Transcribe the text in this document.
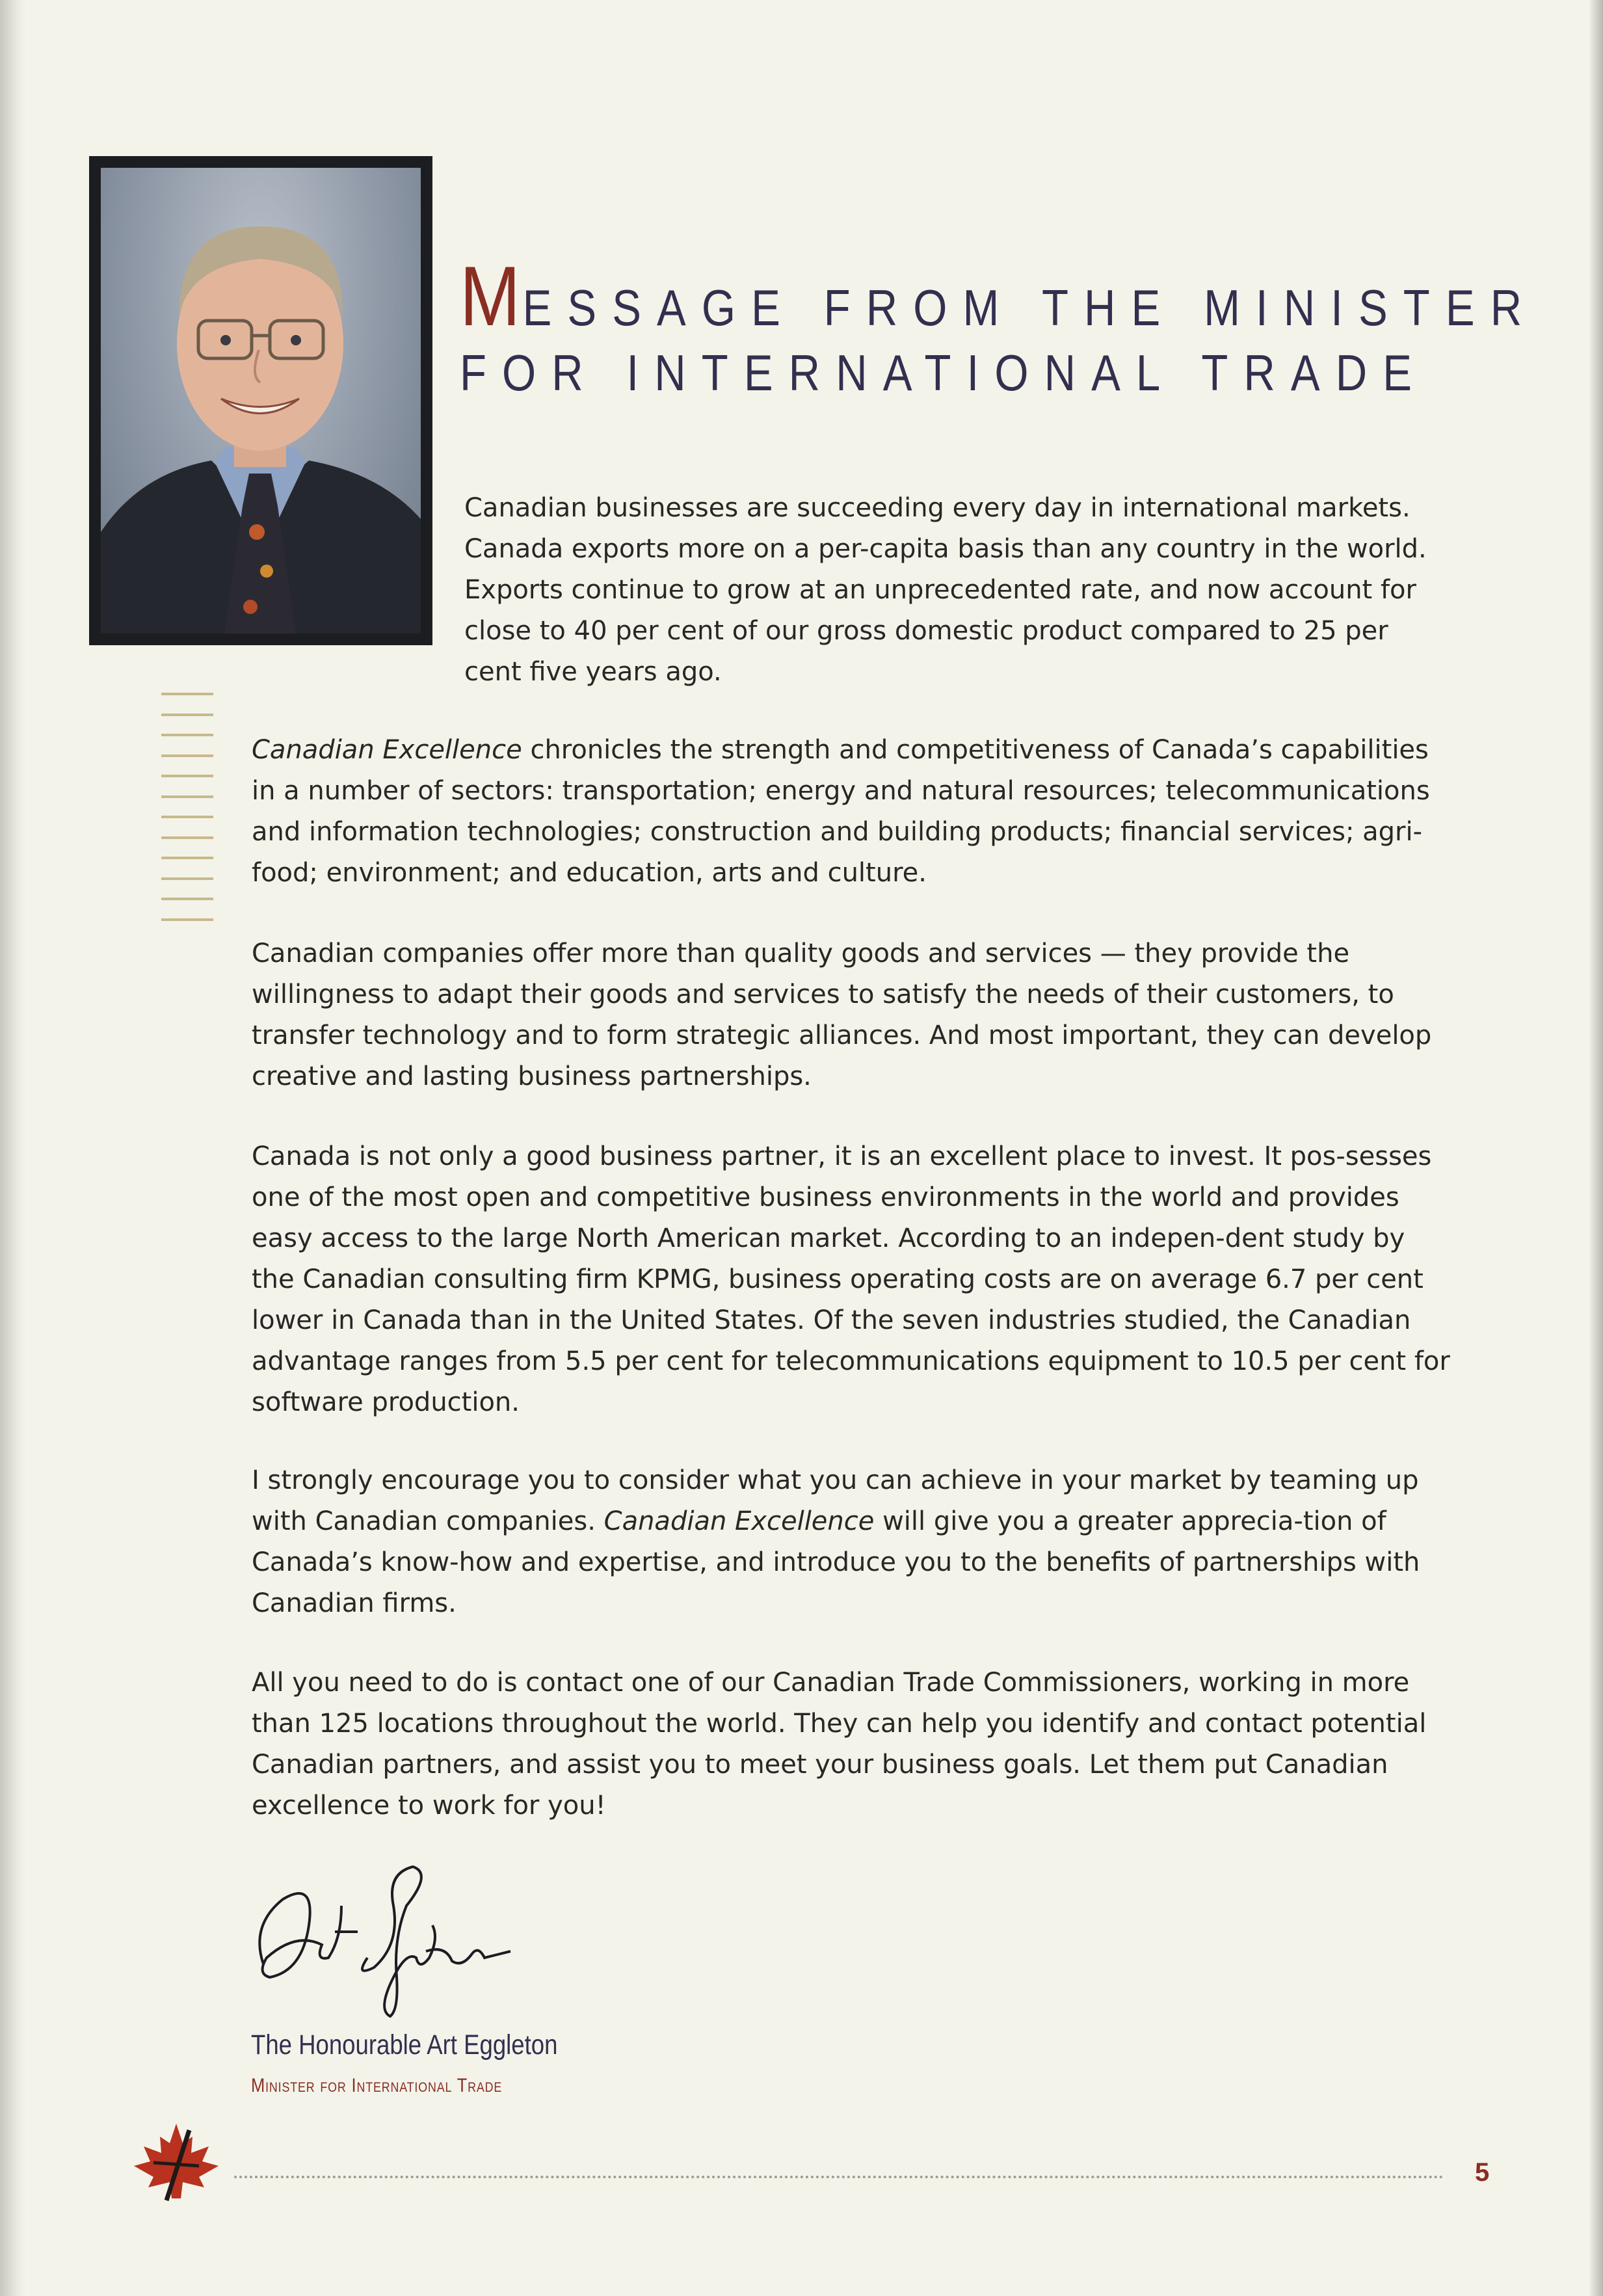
MESSAGE FROM THE MINISTER
FOR INTERNATIONAL TRADE

Canadian businesses are succeeding every day in international markets. Canada exports more on a per-capita basis than any country in the world. Exports continue to grow at an unprecedented rate, and now account for close to 40 per cent of our gross domestic product compared to 25 per cent five years ago.

Canadian Excellence chronicles the strength and competitiveness of Canada’s capabilities in a number of sectors: transportation; energy and natural resources; telecommunications and information technologies; construction and building products; financial services; agri-food; environment; and education, arts and culture.

Canadian companies offer more than quality goods and services — they provide the willingness to adapt their goods and services to satisfy the needs of their customers, to transfer technology and to form strategic alliances. And most important, they can develop creative and lasting business partnerships.

Canada is not only a good business partner, it is an excellent place to invest. It pos-sesses one of the most open and competitive business environments in the world and provides easy access to the large North American market. According to an indepen-dent study by the Canadian consulting firm KPMG, business operating costs are on average 6.7 per cent lower in Canada than in the United States. Of the seven industries studied, the Canadian advantage ranges from 5.5 per cent for telecommunications equipment to 10.5 per cent for software production.

I strongly encourage you to consider what you can achieve in your market by teaming up with Canadian companies. Canadian Excellence will give you a greater apprecia-tion of Canada’s know-how and expertise, and introduce you to the benefits of partnerships with Canadian firms.

All you need to do is contact one of our Canadian Trade Commissioners, working in more than 125 locations throughout the world. They can help you identify and contact potential Canadian partners, and assist you to meet your business goals. Let them put Canadian excellence to work for you!

The Honourable Art Eggleton
Minister for International Trade
5
